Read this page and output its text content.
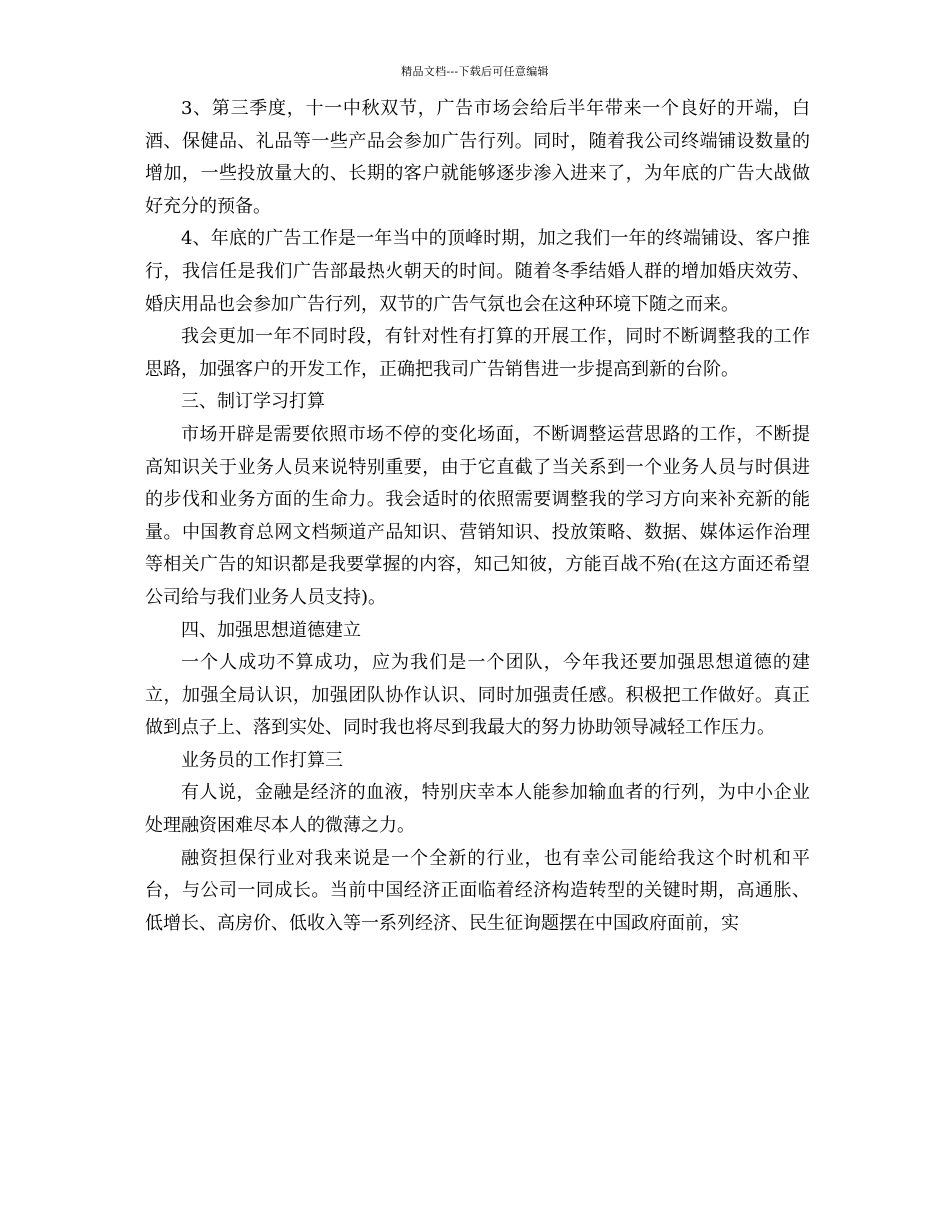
精品文档---下载后可任意编辑

3、第三季度，十一中秋双节，广告市场会给后半年带来一个良好的开端，白酒、保健品、礼品等一些产品会参加广告行列。同时，随着我公司终端铺设数量的增加，一些投放量大的、长期的客户就能够逐步渗入进来了，为年底的广告大战做好充分的预备。

4、年底的广告工作是一年当中的顶峰时期，加之我们一年的终端铺设、客户推行，我信任是我们广告部最热火朝天的时间。随着冬季结婚人群的增加婚庆效劳、婚庆用品也会参加广告行列，双节的广告气氛也会在这种环境下随之而来。

我会更加一年不同时段，有针对性有打算的开展工作，同时不断调整我的工作思路，加强客户的开发工作，正确把我司广告销售进一步提高到新的台阶。

三、制订学习打算

市场开辟是需要依照市场不停的变化场面，不断调整运营思路的工作，不断提高知识关于业务人员来说特别重要，由于它直截了当关系到一个业务人员与时俱进的步伐和业务方面的生命力。我会适时的依照需要调整我的学习方向来补充新的能量。中国教育总网文档频道产品知识、营销知识、投放策略、数据、媒体运作治理等相关广告的知识都是我要掌握的内容，知己知彼，方能百战不殆(在这方面还希望公司给与我们业务人员支持)。

四、加强思想道德建立

一个人成功不算成功，应为我们是一个团队，今年我还要加强思想道德的建立，加强全局认识，加强团队协作认识、同时加强责任感。积极把工作做好。真正做到点子上、落到实处、同时我也将尽到我最大的努力协助领导减轻工作压力。

业务员的工作打算三

有人说，金融是经济的血液，特别庆幸本人能参加输血者的行列，为中小企业处理融资困难尽本人的微薄之力。

融资担保行业对我来说是一个全新的行业，也有幸公司能给我这个时机和平台，与公司一同成长。当前中国经济正面临着经济构造转型的关键时期，高通胀、低增长、高房价、低收入等一系列经济、民生征询题摆在中国政府面前，实
